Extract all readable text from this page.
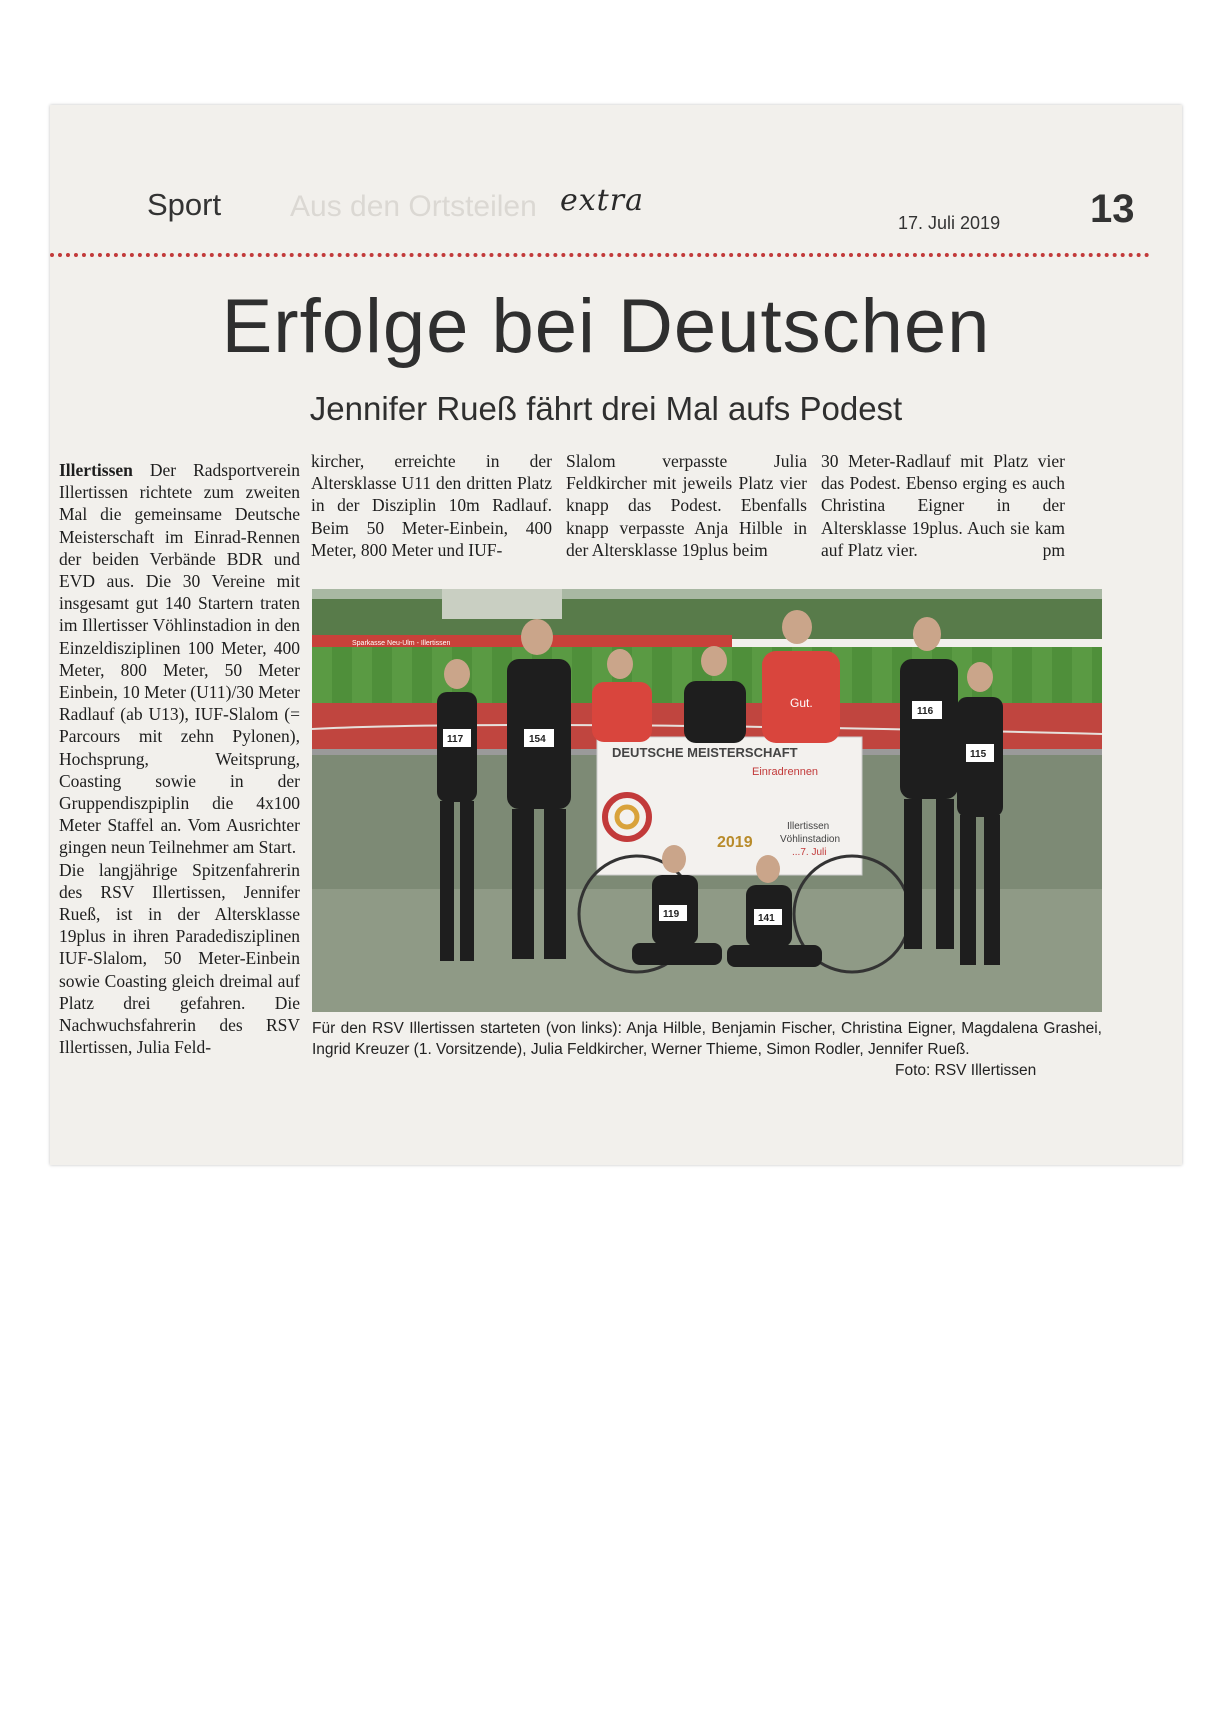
Aus den Ortsteilen
Sport	extra
17. Juli 2019 13
Erfolge bei Deutschen
Jennifer Rueß fährt drei Mal aufs Podest
Illertissen Der Radsportverein Illertissen richtete zum zweiten Mal die gemeinsame Deutsche Meisterschaft im Einrad-Rennen der beiden Verbände BDR und EVD aus. Die 30 Vereine mit insgesamt gut 140 Startern traten im Illertisser Vöhlinstadion in den Einzeldisziplinen 100 Meter, 400 Meter, 800 Meter, 50 Meter Einbein, 10 Meter (U11)/30 Meter Radlauf (ab U13), IUF-Slalom (= Parcours mit zehn Pylonen), Hochsprung, Weitsprung, Coasting sowie in der Gruppendiszpiplin die 4x100 Meter Staffel an. Vom Ausrichter gingen neun Teilnehmer am Start.
Die langjährige Spitzenfahrerin des RSV Illertissen, Jennifer Rueß, ist in der Altersklasse 19plus in ihren Paradedisziplinen IUF-Slalom, 50 Meter-Einbein sowie Coasting gleich dreimal auf Platz drei gefahren. Die Nachwuchsfahrerin des RSV Illertissen, Julia Feld-
kircher, erreichte in der Altersklasse U11 den dritten Platz in der Disziplin 10m Radlauf. Beim 50 Meter-Einbein, 400 Meter, 800 Meter und IUF-
Slalom verpasste Julia Feldkircher mit jeweils Platz vier knapp das Podest. Ebenfalls knapp verpasste Anja Hilble in der Altersklasse 19plus beim
30 Meter-Radlauf mit Platz vier das Podest. Ebenso erging es auch Christina Eigner in der Altersklasse 19plus. Auch sie kam auf Platz vier.	pm
Sparkasse Neu-Ulm - Illertissen
DEUTSCHE MEISTERSCHAFT
Einradrennen
2019
Illertissen
Vöhlinstadion
...7. Juli
117	154
116
115
119	141
Gut.
Für den RSV Illertissen starteten (von links): Anja Hilble, Benjamin Fischer, Christina Eigner, Magdalena Grashei, Ingrid Kreuzer (1. Vorsitzende), Julia Feldkircher, Werner Thieme, Simon Rodler, Jennifer Rueß.
Foto: RSV Illertissen
